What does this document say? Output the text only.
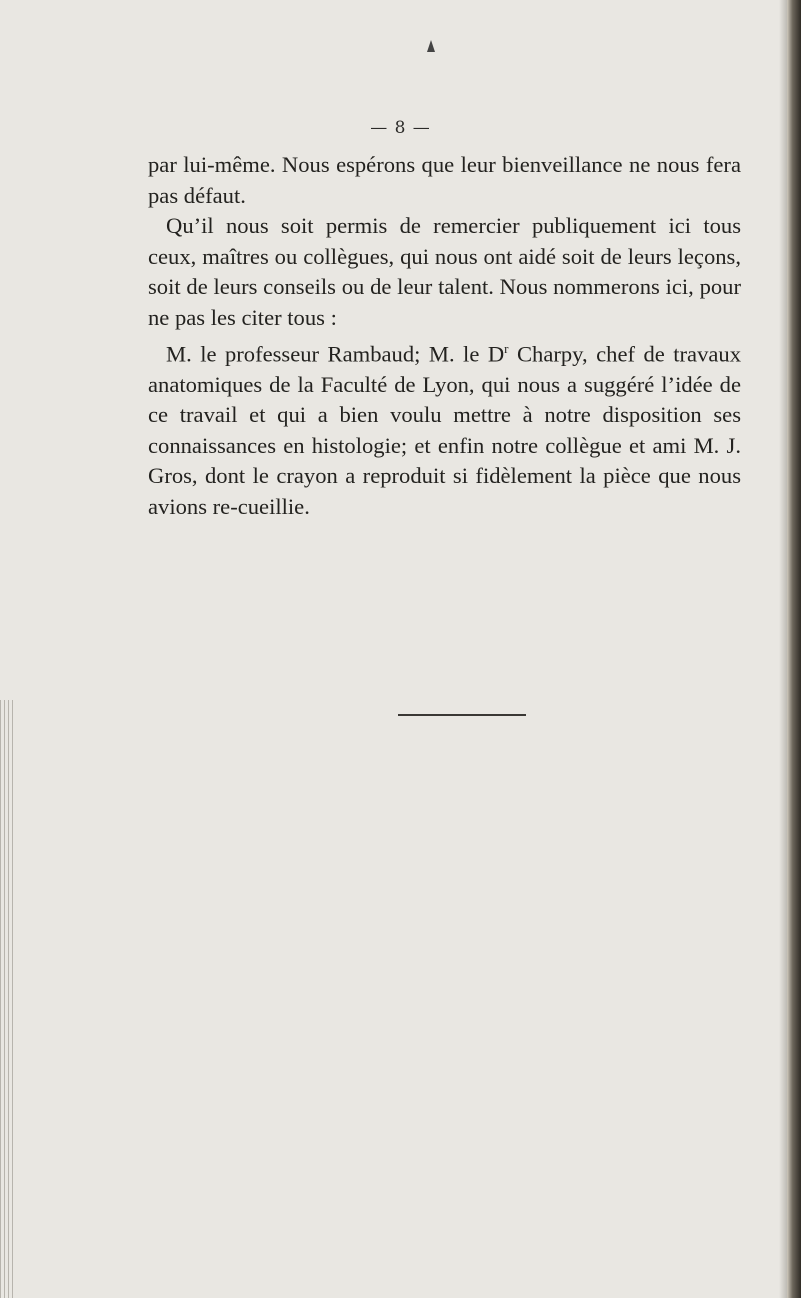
— 8 —

par lui-même. Nous espérons que leur bienveillance ne nous fera pas défaut.

Qu’il nous soit permis de remercier publiquement ici tous ceux, maîtres ou collègues, qui nous ont aidé soit de leurs leçons, soit de leurs conseils ou de leur talent. Nous nommerons ici, pour ne pas les citer tous :

M. le professeur Rambaud; M. le $D^r$ Charpy, chef de travaux anatomiques de la Faculté de Lyon, qui nous a suggéré l’idée de ce travail et qui a bien voulu mettre à notre disposition ses connaissances en histologie; et enfin notre collègue et ami M. J. Gros, dont le crayon a reproduit si fidèlement la pièce que nous avions re-cueillie.
